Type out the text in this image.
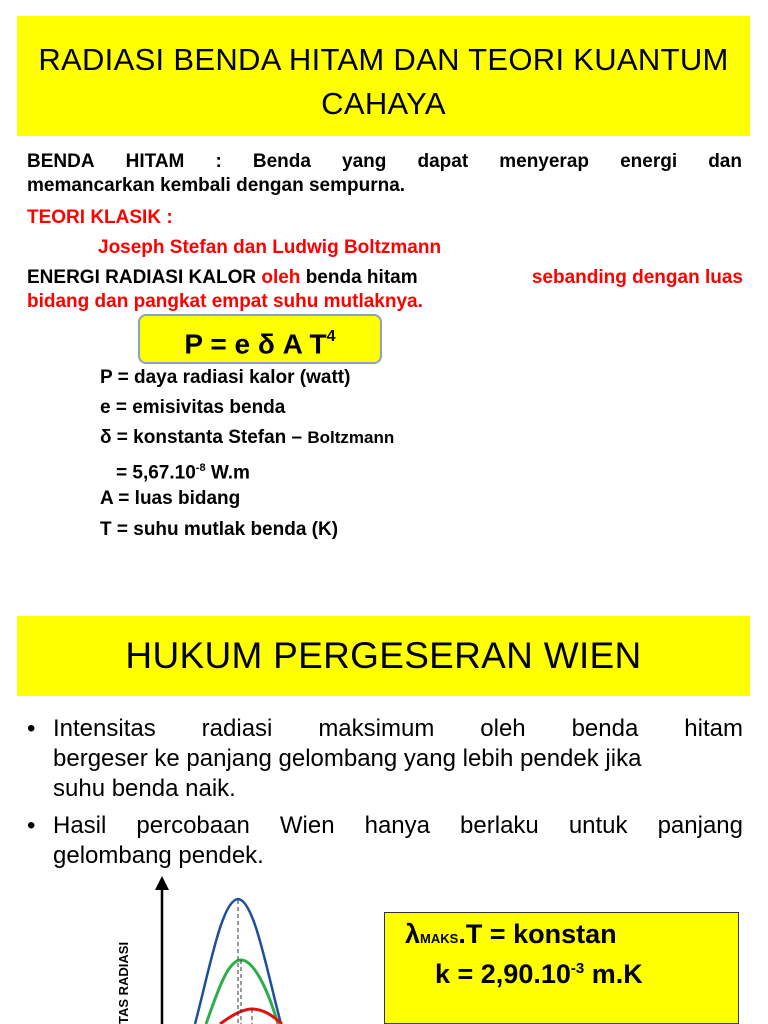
RADIASI BENDA HITAM DAN TEORI KUANTUM
CAHAYA
BENDA HITAM : Benda yang dapat menyerap energi dan
memancarkan kembali dengan sempurna.
TEORI KLASIK :
Joseph Stefan dan Ludwig Boltzmann
ENERGI RADIASI KALOR oleh benda hitam	sebanding dengan luas
bidang dan pangkat empat suhu mutlaknya.
P = e δ A $T^4$
P = daya radiasi kalor (watt)
e = emisivitas benda
δ = konstanta Stefan – Boltzmann
= $5,67.10^{-8}$ W.m
A = luas bidang
T = suhu mutlak benda (K)
HUKUM PERGESERAN WIEN
• Intensitas radiasi maksimum oleh benda hitam
bergeser ke panjang gelombang yang lebih pendek jika
suhu benda naik.
• Hasil percobaan Wien hanya berlaku untuk panjang
gelombang pendek.
TAS RADIASI
λMAKS.T = konstan
$k = 2,90.10^{-3}$ m.K
